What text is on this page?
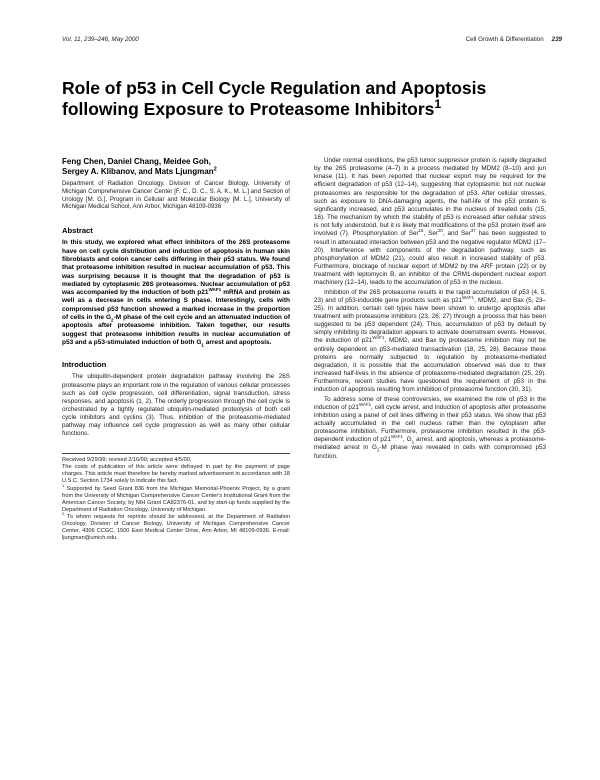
Vol. 11, 239–246, May 2000	Cell Growth & Differentiation 239
Role of p53 in Cell Cycle Regulation and Apoptosis following Exposure to Proteasome Inhibitors$^1$
Feng Chen, Daniel Chang, Meidee Goh,
Sergey A. Klibanov, and Mats Ljungman$^2$

Department of Radiation Oncology, Division of Cancer Biology, University of Michigan Comprehensive Cancer Center [F. C., D. C., S. A. K., M. L.] and Section of Urology [M. G.], Program in Cellular and Molecular Biology [M. L.], University of Michigan Medical School, Ann Arbor, Michigan 48109-0936

Abstract

In this study, we explored what effect inhibitors of the 26S proteasome have on cell cycle distribution and induction of apoptosis in human skin fibroblasts and colon cancer cells differing in their p53 status. We found that proteasome inhibition resulted in nuclear accumulation of p53. This was surprising because it is thought that the degradation of p53 is mediated by cytoplasmic 26S proteasomes. Nuclear accumulation of p53 was accompanied by the induction of both $p21^{WAF1}$ mRNA and protein as well as a decrease in cells entering S phase. Interestingly, cells with compromised p53 function showed a marked increase in the proportion of cells in the $G_2-M$ phase of the cell cycle and an attenuated induction of apoptosis after proteasome inhibition. Taken together, our results suggest that proteasome inhibition results in nuclear accumulation of p53 and a p53-stimulated induction of both $G_1$ arrest and apoptosis.

Introduction

The ubiquitin-dependent protein degradation pathway involving the 26S proteasome plays an important role in the regulation of various cellular processes such as cell cycle progression, cell differentiation, signal transduction, stress responses, and apoptosis (1, 2). The orderly progression through the cell cycle is orchestrated by a tightly regulated ubiquitin-mediated proteolysis of both cell cycle inhibitors and cyclins (3). Thus, inhibition of the proteasome-mediated pathway may influence cell cycle progression as well as many other cellular functions.

Received 9/29/99; revised 2/16/00; accepted 4/5/00.

The costs of publication of this article were defrayed in part by the payment of page charges. This article must therefore be hereby marked advertisement in accordance with 18 U.S.C. Section 1734 solely to indicate this fact.

$^1$ Supported by Seed Grant 836 from the Michigan Memorial-Phoenix Project, by a grant from the University of Michigan Comprehensive Cancer Center's Institutional Grant from the American Cancer Society, by NIH Grant CA82376-01, and by start-up funds supplied by the Department of Radiation Oncology, University of Michigan.

$^2$ To whom requests for reprints should be addressed, at the Department of Radiation Oncology, Division of Cancer Biology, University of Michigan Comprehensive Cancer Center, 4306 CCGC, 1500 East Medical Center Drive, Ann Arbor, MI 48109-0936. E-mail: ljungman@umich.edu.

Under normal conditions, the p53 tumor suppressor protein is rapidly degraded by the 26S proteasome (4–7) in a process mediated by MDM2 (8–10) and jun kinase (11). It has been reported that nuclear export may be required for the efficient degradation of p53 (12–14), suggesting that cytoplasmic but not nuclear proteasomes are responsible for the degradation of p53. After cellular stresses, such as exposure to DNA-damaging agents, the half-life of the p53 protein is significantly increased, and p53 accumulates in the nucleus of treated cells (15, 16). The mechanism by which the stability of p53 is increased after cellular stress is not fully understood, but it is likely that modifications of the p53 protein itself are involved (7). Phosphorylation of Ser$^{15}$, Ser$^{20}$, and Ser$^{37}$ has been suggested to result in attenuated interaction between p53 and the negative regulator MDM2 (17–20). Interference with components of the degradation pathway, such as phosphorylation of MDM2 (21), could also result in increased stability of p53. Furthermore, blockage of nuclear export of MDM2 by the ARF protein (22) or by treatment with leptomycin B, an inhibitor of the CRM1-dependent nuclear export machinery (12–14), leads to the accumulation of p53 in the nucleus.

Inhibition of the 26S proteasome results in the rapid accumulation of p53 (4, 5, 23) and of p53-inducible gene products such as $p21^{WAF1}$, MDM2, and Bax (5, 23–25). In addition, certain cell types have been shown to undergo apoptosis after treatment with proteasome inhibitors (23, 26, 27) through a process that has been suggested to be p53 dependent (24). Thus, accumulation of p53 by default by simply inhibiting its degradation appears to activate downstream events. However, the induction of $p21^{WAF1}$, MDM2, and Bax by proteasome inhibition may not be entirely dependent on p53-mediated transactivation (18, 25, 28). Because these proteins are normally subjected to regulation by proteasome-mediated degradation, it is possible that the accumulation observed was due to their increased half-lives in the absence of proteasome-mediated degradation (25, 29). Furthermore, recent studies have questioned the requirement of p53 in the induction of apoptosis resulting from inhibition of proteasome function (30, 31).

To address some of these controversies, we examined the role of p53 in the induction of $p21^{WAF1}$, cell cycle arrest, and induction of apoptosis after proteasome inhibition using a panel of cell lines differing in their p53 status. We show that p53 actually accumulated in the cell nucleus rather than the cytoplasm after proteasome inhibition. Furthermore, proteasome inhibition resulted in the p53-dependent induction of $p21^{WAF1}$, $G_1$ arrest, and apoptosis, whereas a proteasome-mediated arrest in $G_2-M$ phase was revealed in cells with compromised p53 function.
